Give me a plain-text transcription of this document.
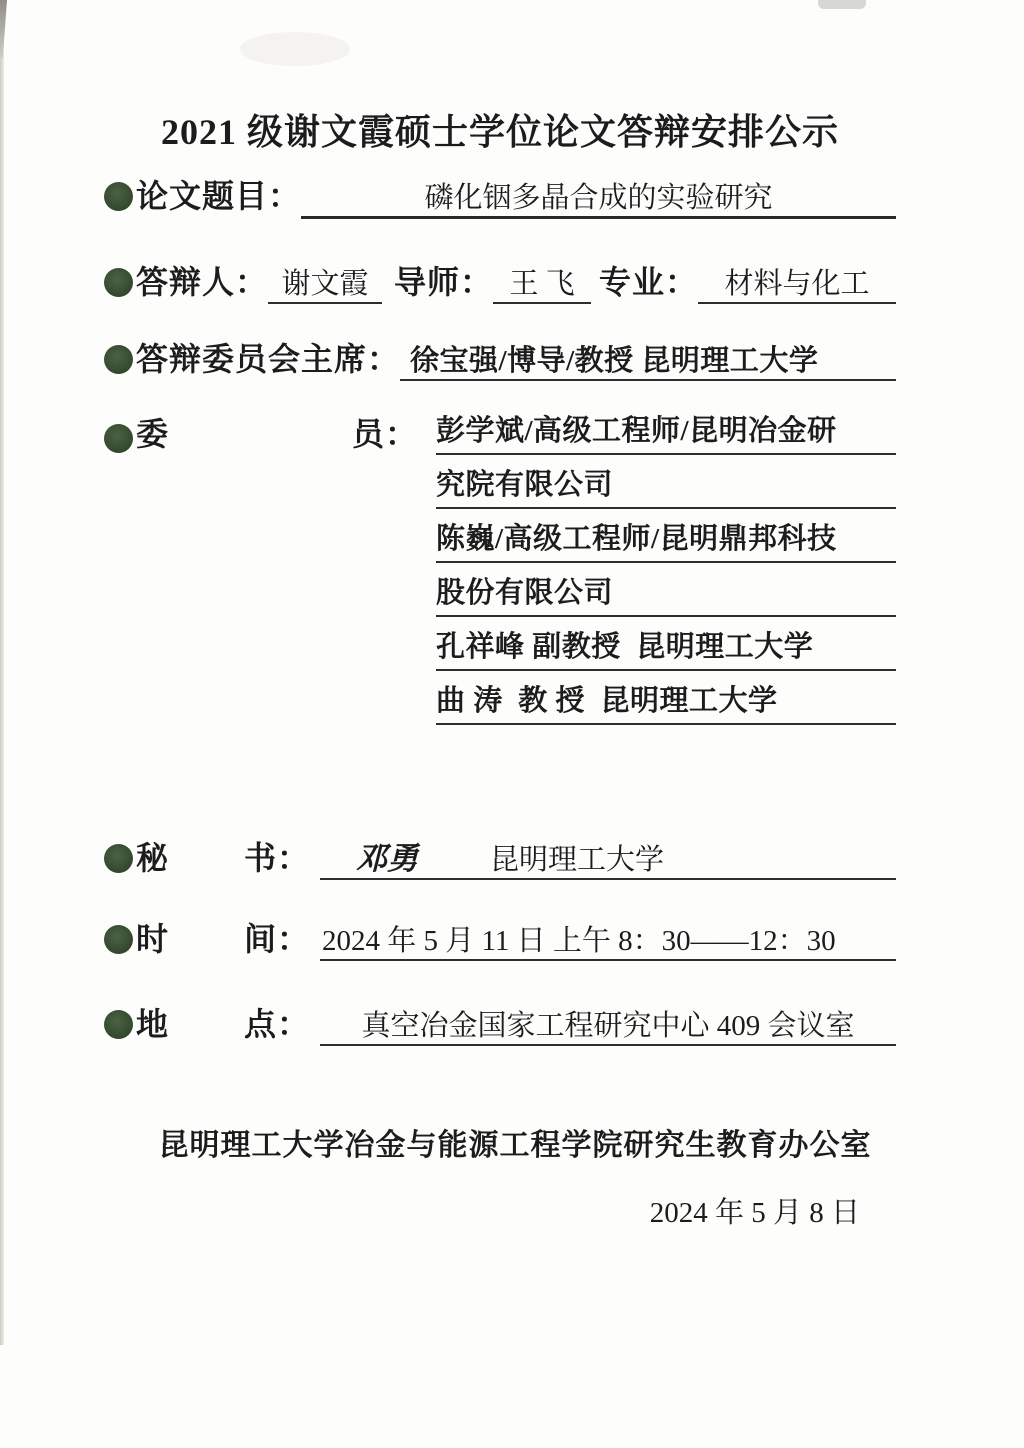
2021 级谢文霞硕士学位论文答辩安排公示
论文题目：	磷化铟多晶合成的实验研究
答辩人： 谢文霞 导师： 王 飞 专业： 材料与化工
答辩委员会主席： 徐宝强/博导/教授 昆明理工大学
委	员： 彭学斌/高级工程师/昆明冶金研
究院有限公司
陈巍/高级工程师/昆明鼎邦科技
股份有限公司
孔祥峰 副教授  昆明理工大学
曲 涛  教 授  昆明理工大学
秘 书： 邓勇 昆明理工大学
时 间： 2024 年 5 月 11 日 上午 8：30——12：30
地 点：	真空冶金国家工程研究中心 409 会议室
昆明理工大学冶金与能源工程学院研究生教育办公室
2024 年 5 月 8 日
